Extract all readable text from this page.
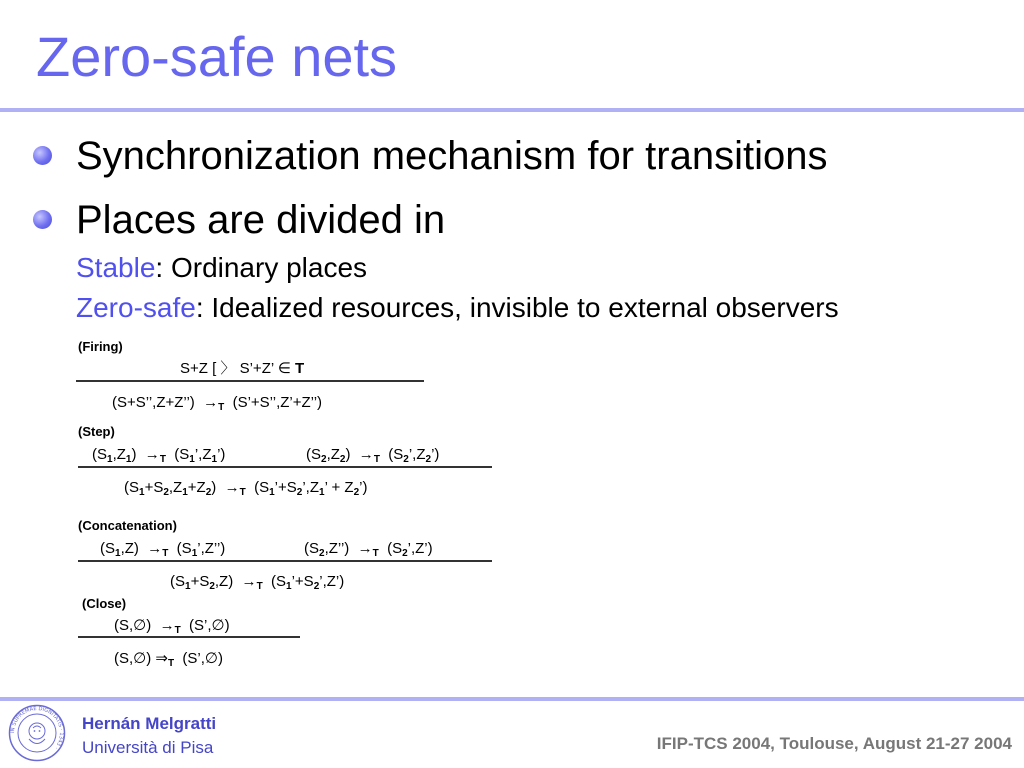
Zero-safe nets
Synchronization mechanism for transitions
Places are divided in
Stable: Ordinary places
Zero-safe: Idealized resources, invisible to external observers
(Firing)
S+Z [ 〉 S’+Z’ ∈ T
(S+S’’,Z+Z’’)  $\to_T$  (S’+S’’,Z’+Z’’)
(Step)
$(S_1,Z_1) \to_T$  $(S_1’,Z_1’)$	$(S_2,Z_2) \to_T$  $(S_2’,Z_2’)$
$(S_1+S_2,Z_1+Z_2) \to_T$  ($S_1’+S_2’,Z_1$’ + $Z_2$’)
(Concatenation)
$(S_1,Z) \to_T$  $(S_1’,Z’’)$	$(S_2,Z’’) \to_T$  $(S_2’,Z’)$
$(S_1+S_2,Z) \to_T$  $(S_1’+S_2’,Z’)$
(Close)
(S,∅)  $\to_T$  (S’,∅)
(S,∅) $\Rightarrow_T$  (S’,∅)
IN SUPREMAE DIGNITATIS · 1343 ·
Hernán Melgratti
Università di Pisa	IFIP-TCS 2004, Toulouse, August 21-27 2004
